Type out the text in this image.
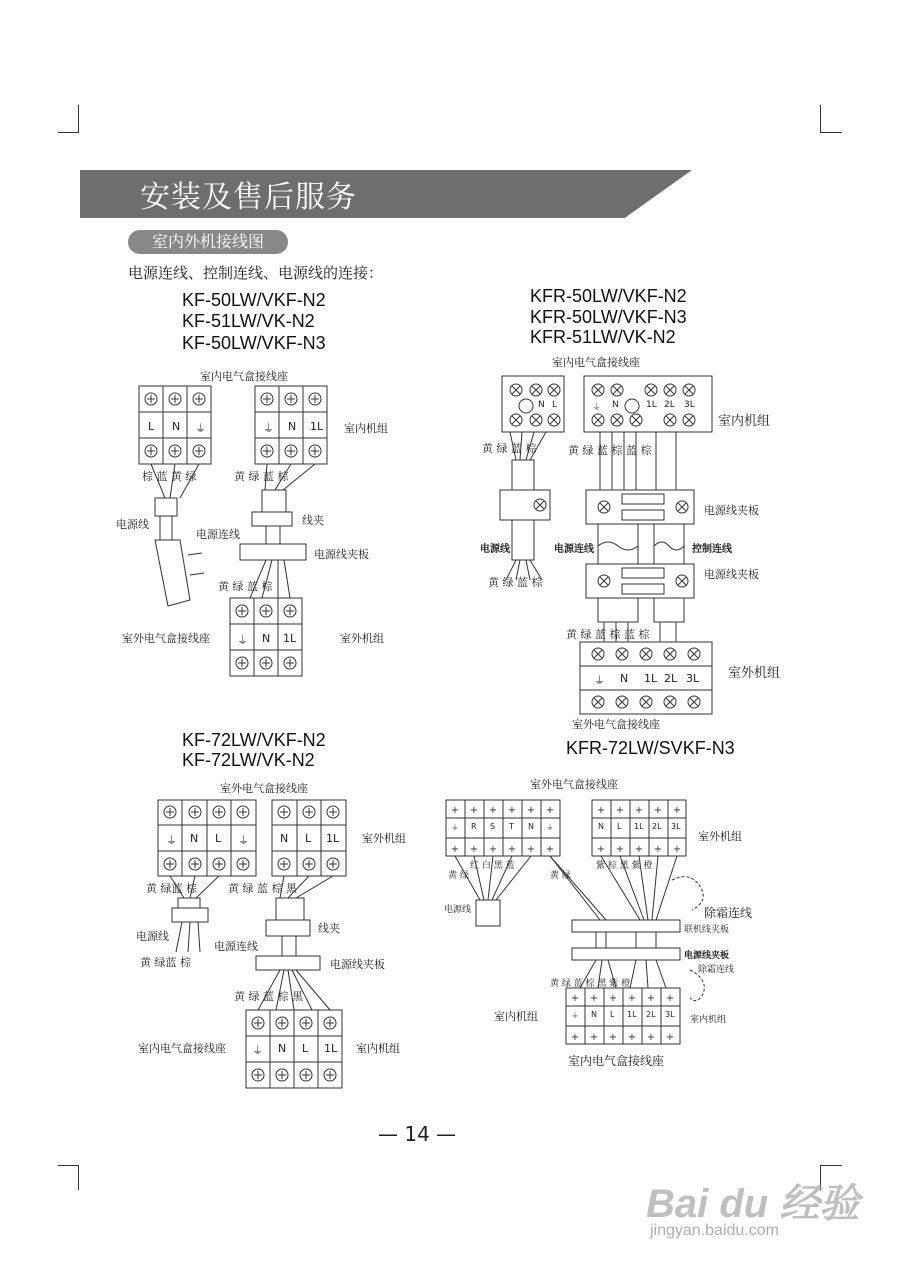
安装及售后服务
室内外机接线图
电源连线、控制连线、电源线的连接：
+ + + + + +
+ + + + + +
+ + + + +
+ + + + +
+ + + + + +
+ + + + + +
KF-50LW/VKF-N2
KF-51LW/VK-N2
KF-50LW/VKF-N3
室内电气盒接线座
室内机组
L N ⏚	⏚ N 1L
棕 蓝 黄 绿	黄 绿 蓝 棕
电源线
电源连线
线夹
电源线夹板
黄 绿 蓝 棕
室外电气盒接线座	室外机组
⏚ N 1L
KFR-50LW/VKF-N2
KFR-50LW/VKF-N3
KFR-51LW/VK-N2
室内电气盒接线座
室内机组
N L	⏚ N	1L 2L 3L
黄 绿 蓝 棕	黄 绿 蓝 棕 蓝 棕
电源线夹板
电源线	电源连线	控制连线
电源线夹板
黄 绿 蓝 棕
黄 绿 蓝 棕 蓝 棕
室外机组
⏚ N 1L 2L 3L
室外电气盒接线座
KFR-72LW/SVKF-N3
KF-72LW/VKF-N2
KF-72LW/VK-N2
室外电气盒接线座
室外机组
⏚ N L ⏚	N L 1L
黄 绿蓝 棕	黄 绿 蓝 棕 黑
线夹
电源线
电源连线
黄 绿蓝 棕	电源线夹板
黄 绿 蓝 棕 黑
室内电气盒接线座	室内机组
⏚ N L 1L
室外电气盒接线座
室外机组
⏚ R S T N ⏚	N L 1L 2L 3L
红 白 黑 蓝
黄 绿	黄 绿
紫 棕 黑 紫 橙
电源线	除霜连线
联机线夹板
电源线夹板
除霜连线
黄 绿 蓝 棕 黑 紫 橙
室内机组	室内机组
⏚ N L 1L 2L 3L
室内电气盒接线座
— 14 —
Bai du 经验
jingyan.baidu.com
